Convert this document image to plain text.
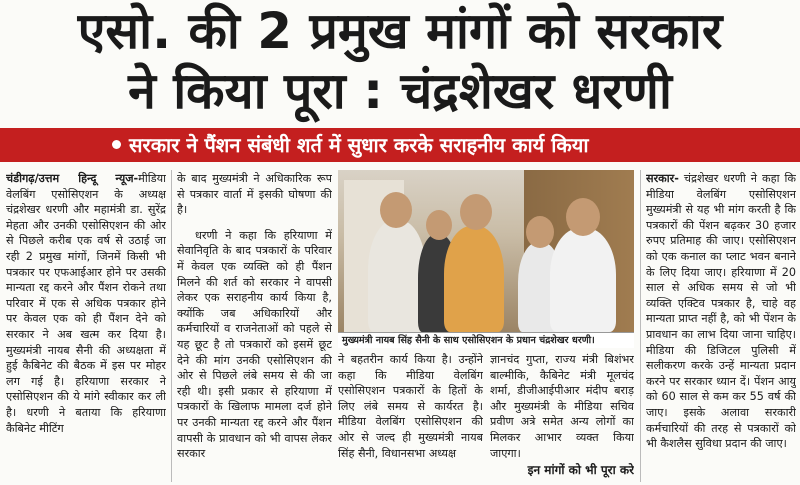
एसो. की 2 प्रमुख मांगों को सरकार
ने किया पूरा : चंद्रशेखर धरणी
सरकार ने पैंशन संबंधी शर्त में सुधार करके सराहनीय कार्य किया

चंडीगढ़/उत्तम हिन्दू न्यूज-मीडिया वेलबिंग एसोसिएशन के अध्यक्ष चंद्रशेखर धरणी और महामंत्री डा. सुरेंद्र मेहता और उनकी एसोसिएशन की ओर से पिछले करीब एक वर्ष से उठाई जा रही 2 प्रमुख मांगों, जिनमें किसी भी पत्रकार पर एफआईआर होने पर उसकी मान्यता रद्द करने और पैंशन रोकने तथा परिवार में एक से अधिक पत्रकार होने पर केवल एक को ही पैंशन देने को सरकार ने अब खत्म कर दिया है। मुख्यमंत्री नायब सैनी की अध्यक्षता में हुई कैबिनेट की बैठक में इस पर मोहर लग गई है। हरियाणा सरकार ने एसोसिएशन की ये मांगे स्वीकार कर ली है। धरणी ने बताया कि हरियाणा कैबिनेट मीटिंग

के बाद मुख्यमंत्री ने अधिकारिक रूप से पत्रकार वार्ता में इसकी घोषणा की है।

धरणी ने कहा कि हरियाणा में सेवानिवृति के बाद पत्रकारों के परिवार में केवल एक व्यक्ति को ही पैंशन मिलने की शर्त को सरकार ने वापसी लेकर एक सराहनीय कार्य किया है, क्योंकि जब अधिकारियों और कर्मचारियों व राजनेताओं को पहले से यह छूट है तो पत्रकारों को इसमें छूट देने की मांग उनकी एसोसिएशन की ओर से पिछले लंबे समय से की जा रही थी। इसी प्रकार से हरियाणा में पत्रकारों के खिलाफ मामला दर्ज होने पर उनकी मान्यता रद्द करने और पैंशन वापसी के प्रावधान को भी वापस लेकर सरकार

मुख्यमंत्री नायब सिंह सैनी के साथ एसोसिएशन के प्रधान चंद्रशेखर धरणी।

ने बहतरीन कार्य किया है। उन्होंने कहा कि मीडिया वेलबिंग एसोसिएशन पत्रकारों के हितों के लिए लंबे समय से कार्यरत है। मीडिया वेलबिंग एसोसिएशन की ओर से जल्द ही मुख्यमंत्री नायब सिंह सैनी, विधानसभा अध्यक्ष

ज्ञानचंद गुप्ता, राज्य मंत्री बिशंभर बाल्मीकि, कैबिनेट मंत्री मूलचंद शर्मा, डीजीआईपीआर मंदीप बराड़ और मुख्यमंत्री के मीडिया सचिव प्रवीण अत्रे समेत अन्य लोगों का मिलकर आभार व्यक्त किया जाएगा।

इन मांगों को भी पूरा करे

सरकार- चंद्रशेखर धरणी ने कहा कि मीडिया वेलबिंग एसोसिएशन मुख्यमंत्री से यह भी मांग करती है कि पत्रकारों की पेंशन बढ़कर 30 हजार रुपए प्रतिमाह की जाए। एसोसिएशन को एक कनाल का प्लाट भवन बनाने के लिए दिया जाए। हरियाणा में 20 साल से अधिक समय से जो भी व्यक्ति एक्टिव पत्रकार है, चाहे वह मान्यता प्राप्त नहीं है, को भी पेंशन के प्रावधान का लाभ दिया जाना चाहिए। मीडिया की डिजिटल पुलिसी में सलीकरण करके उन्हें मान्यता प्रदान करने पर सरकार ध्यान दें। पेंशन आयु को 60 साल से कम कर 55 वर्ष की जाए। इसके अलावा सरकारी कर्मचारियों की तरह से पत्रकारों को भी कैशलैस सुविधा प्रदान की जाए।
